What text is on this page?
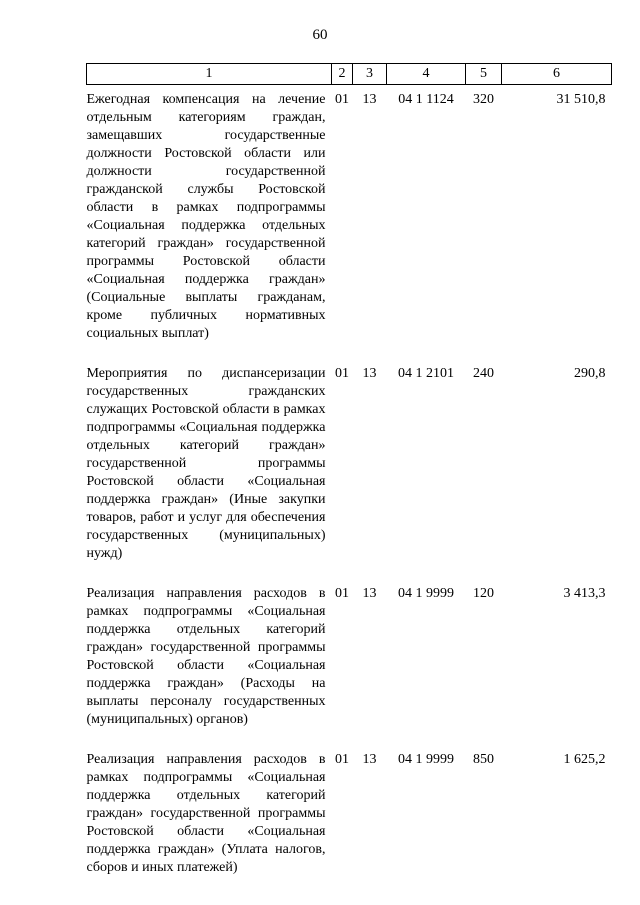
60
1	2	3	4	5	6
Ежегодная компенсация на лечение отдельным категориям граждан, замещавших государственные должности Ростовской области или должности государственной гражданской службы Ростовской области в рамках подпрограммы «Социальная поддержка отдельных категорий граждан» государственной программы Ростовской области «Социальная поддержка граждан» (Социальные выплаты гражданам, кроме публичных нормативных социальных выплат)	01	13	04 1 1124	320	31 510,8
Мероприятия по диспансеризации государственных гражданских служащих Ростовской области в рамках подпрограммы «Социальная поддержка отдельных категорий граждан» государственной программы Ростовской области «Социальная поддержка граждан» (Иные закупки товаров, работ и услуг для обеспечения государственных (муниципальных) нужд)	01	13	04 1 2101	240	290,8
Реализация направления расходов в рамках подпрограммы «Социальная поддержка отдельных категорий граждан» государственной программы Ростовской области «Социальная поддержка граждан» (Расходы на выплаты персоналу государственных (муниципальных) органов)	01	13	04 1 9999	120	3 413,3
Реализация направления расходов в рамках подпрограммы «Социальная поддержка отдельных категорий граждан» государственной программы Ростовской области «Социальная поддержка граждан» (Уплата налогов, сборов и иных платежей)	01	13	04 1 9999	850	1 625,2
